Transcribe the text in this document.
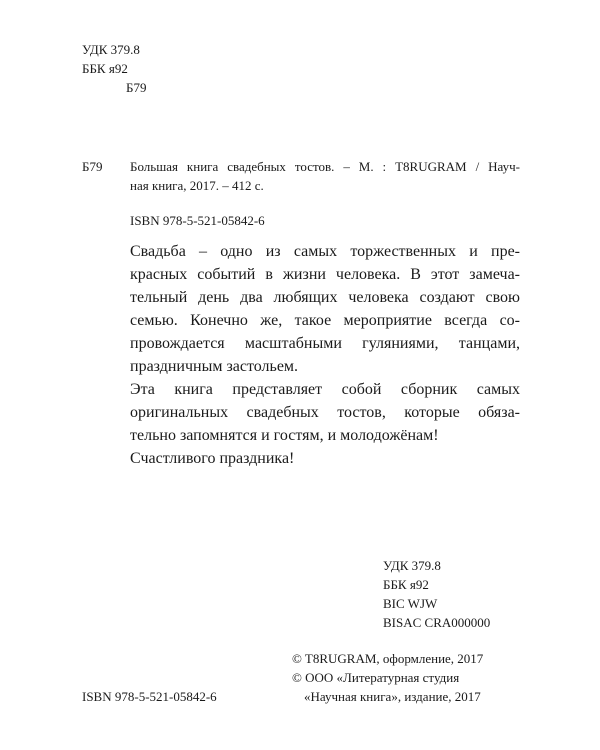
УДК 379.8
ББК я92
Б79
Б79 Большая книга свадебных тостов. – М. : T8RUGRAM / Науч-
ная книга, 2017. – 412 с.
ISBN 978-5-521-05842-6
Свадьба – одно из самых торжественных и пре-
красных событий в жизни человека. В этот замеча-
тельный день два любящих человека создают свою
семью. Конечно же, такое мероприятие всегда со-
провождается масштабными гуляниями, танцами,
праздничным застольем.
Эта книга представляет собой сборник самых
оригинальных свадебных тостов, которые обяза-
тельно запомнятся и гостям, и молодожёнам!
Счастливого праздника!
УДК 379.8
ББК я92
BIC WJW
BISAC CRA000000
ISBN 978-5-521-05842-6
© T8RUGRAM, оформление, 2017
© ООО «Литературная студия
«Научная книга», издание, 2017
